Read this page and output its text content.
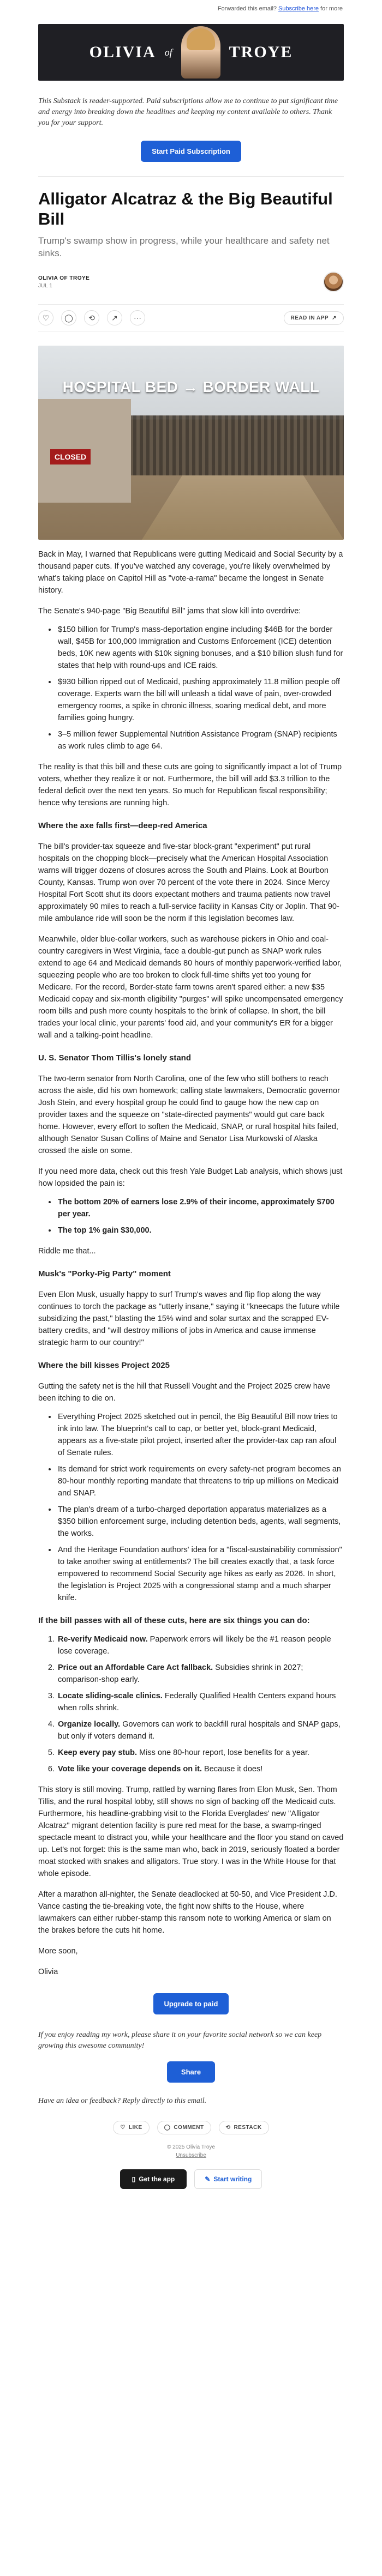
Forwarded this email? Subscribe here for more
OLIVIA of	TROYE

This Substack is reader-supported. Paid subscriptions allow me to continue to put significant time and energy into breaking down the headlines and keeping my content available to others. Thank you for your support.

Start Paid Subscription
Alligator Alcatraz & the Big Beautiful Bill

Trump's swamp show in progress, while your healthcare and safety net sinks.

OLIVIA OF TROYE
JUL 1
♡	◯	⟲	↗	⋯	READ IN APP ↗
CLOSED
HOSPITAL BED → BORDER WALL

Back in May, I warned that Republicans were gutting Medicaid and Social Security by a thousand paper cuts. If you've watched any coverage, you're likely overwhelmed by what's taking place on Capitol Hill as "vote-a-rama" became the longest in Senate history.

The Senate's 940-page "Big Beautiful Bill" jams that slow kill into overdrive:

• $150 billion for Trump's mass-deportation engine including $46B for the border wall, $45B for 100,000 Immigration and Customs Enforcement (ICE) detention beds, 10K new agents with $10k signing bonuses, and a $10 billion slush fund for states that help with round-ups and ICE raids.
• $930 billion ripped out of Medicaid, pushing approximately 11.8 million people off coverage. Experts warn the bill will unleash a tidal wave of pain, over-crowded emergency rooms, a spike in chronic illness, soaring medical debt, and more families going hungry.
• 3–5 million fewer Supplemental Nutrition Assistance Program (SNAP) recipients as work rules climb to age 64.

The reality is that this bill and these cuts are going to significantly impact a lot of Trump voters, whether they realize it or not. Furthermore, the bill will add $3.3 trillion to the federal deficit over the next ten years. So much for Republican fiscal responsibility; hence why tensions are running high.

Where the axe falls first—deep-red America

The bill's provider-tax squeeze and five-star block-grant "experiment" put rural hospitals on the chopping block—precisely what the American Hospital Association warns will trigger dozens of closures across the South and Plains. Look at Bourbon County, Kansas. Trump won over 70 percent of the vote there in 2024. Since Mercy Hospital Fort Scott shut its doors expectant mothers and trauma patients now travel approximately 90 miles to reach a full-service facility in Kansas City or Joplin. That 90-mile ambulance ride will soon be the norm if this legislation becomes law.

Meanwhile, older blue-collar workers, such as warehouse pickers in Ohio and coal-country caregivers in West Virginia, face a double-gut punch as SNAP work rules extend to age 64 and Medicaid demands 80 hours of monthly paperwork-verified labor, squeezing people who are too broken to clock full-time shifts yet too young for Medicare. For the record, Border-state farm towns aren't spared either: a new $35 Medicaid copay and six-month eligibility "purges" will spike uncompensated emergency room bills and push more county hospitals to the brink of collapse. In short, the bill trades your local clinic, your parents' food aid, and your community's ER for a bigger wall and a talking-point headline.

U. S. Senator Thom Tillis's lonely stand

The two-term senator from North Carolina, one of the few who still bothers to reach across the aisle, did his own homework; calling state lawmakers, Democratic governor Josh Stein, and every hospital group he could find to gauge how the new cap on provider taxes and the squeeze on "state-directed payments" would gut care back home. However, every effort to soften the Medicaid, SNAP, or rural hospital hits failed, although Senator Susan Collins of Maine and Senator Lisa Murkowski of Alaska crossed the aisle on some.

If you need more data, check out this fresh Yale Budget Lab analysis, which shows just how lopsided the pain is:

• The bottom 20% of earners lose 2.9% of their income, approximately $700 per year.
• The top 1% gain $30,000.

Riddle me that...

Musk's "Porky-Pig Party" moment

Even Elon Musk, usually happy to surf Trump's waves and flip flop along the way continues to torch the package as "utterly insane," saying it "kneecaps the future while subsidizing the past," blasting the 15% wind and solar surtax and the scrapped EV-battery credits, and "will destroy millions of jobs in America and cause immense strategic harm to our country!"

Where the bill kisses Project 2025

Gutting the safety net is the hill that Russell Vought and the Project 2025 crew have been itching to die on.

• Everything Project 2025 sketched out in pencil, the Big Beautiful Bill now tries to ink into law. The blueprint's call to cap, or better yet, block-grant Medicaid, appears as a five-state pilot project, inserted after the provider-tax cap ran afoul of Senate rules.
• Its demand for strict work requirements on every safety-net program becomes an 80-hour monthly reporting mandate that threatens to trip up millions on Medicaid and SNAP.
• The plan's dream of a turbo-charged deportation apparatus materializes as a $350 billion enforcement surge, including detention beds, agents, wall segments, the works.
• And the Heritage Foundation authors' idea for a "fiscal-sustainability commission" to take another swing at entitlements? The bill creates exactly that, a task force empowered to recommend Social Security age hikes as early as 2026. In short, the legislation is Project 2025 with a congressional stamp and a much sharper knife.
If the bill passes with all of these cuts, here are six things you can do:
1. Re-verify Medicaid now. Paperwork errors will likely be the #1 reason people lose coverage.
2. Price out an Affordable Care Act fallback. Subsidies shrink in 2027; comparison-shop early.
3. Locate sliding-scale clinics. Federally Qualified Health Centers expand hours when rolls shrink.
4. Organize locally. Governors can work to backfill rural hospitals and SNAP gaps, but only if voters demand it.
5. Keep every pay stub. Miss one 80-hour report, lose benefits for a year.
6. Vote like your coverage depends on it. Because it does!

This story is still moving. Trump, rattled by warning flares from Elon Musk, Sen. Thom Tillis, and the rural hospital lobby, still shows no sign of backing off the Medicaid cuts. Furthermore, his headline-grabbing visit to the Florida Everglades' new "Alligator Alcatraz" migrant detention facility is pure red meat for the base, a swamp-ringed spectacle meant to distract you, while your healthcare and the floor you stand on caved up. Let's not forget: this is the same man who, back in 2019, seriously floated a border moat stocked with snakes and alligators. True story. I was in the White House for that whole episode.

After a marathon all-nighter, the Senate deadlocked at 50-50, and Vice President J.D. Vance casting the tie-breaking vote, the fight now shifts to the House, where lawmakers can either rubber-stamp this ransom note to working America or slam on the brakes before the cuts hit home.

More soon,

Olivia

Upgrade to paid

If you enjoy reading my work, please share it on your favorite social network so we can keep growing this awesome community!

Share

Have an idea or feedback? Reply directly to this email.

♡ LIKE	◯ COMMENT	⟲ RESTACK
© 2025 Olivia Troye
Unsubscribe
▯ Get the app	✎ Start writing
